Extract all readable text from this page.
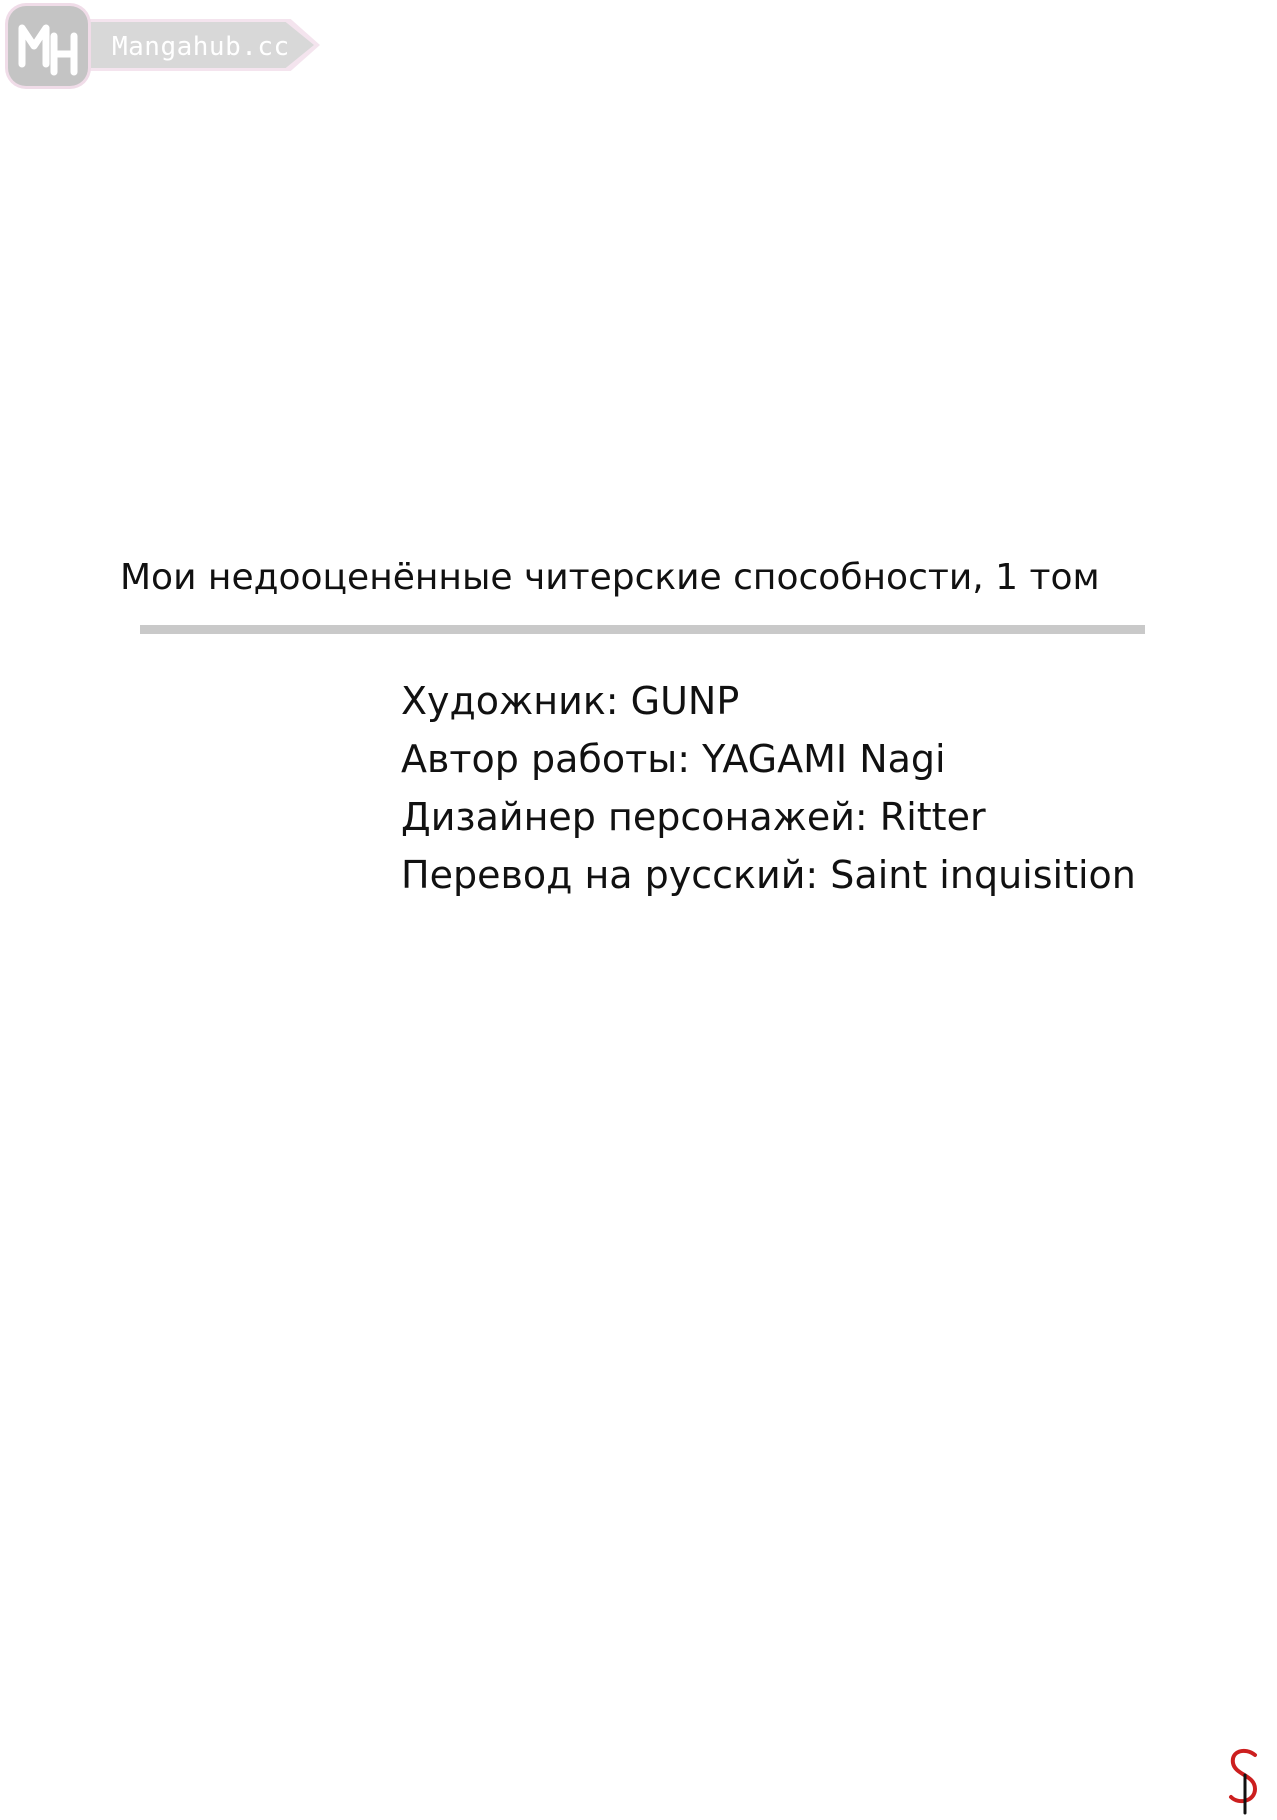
Mangahub.cc
Мои недооценённые читерские способности, 1 том
Художник: GUNP
Автор работы: YAGAMI Nagi
Дизайнер персонажей: Ritter
Перевод на русский: Saint inquisition
